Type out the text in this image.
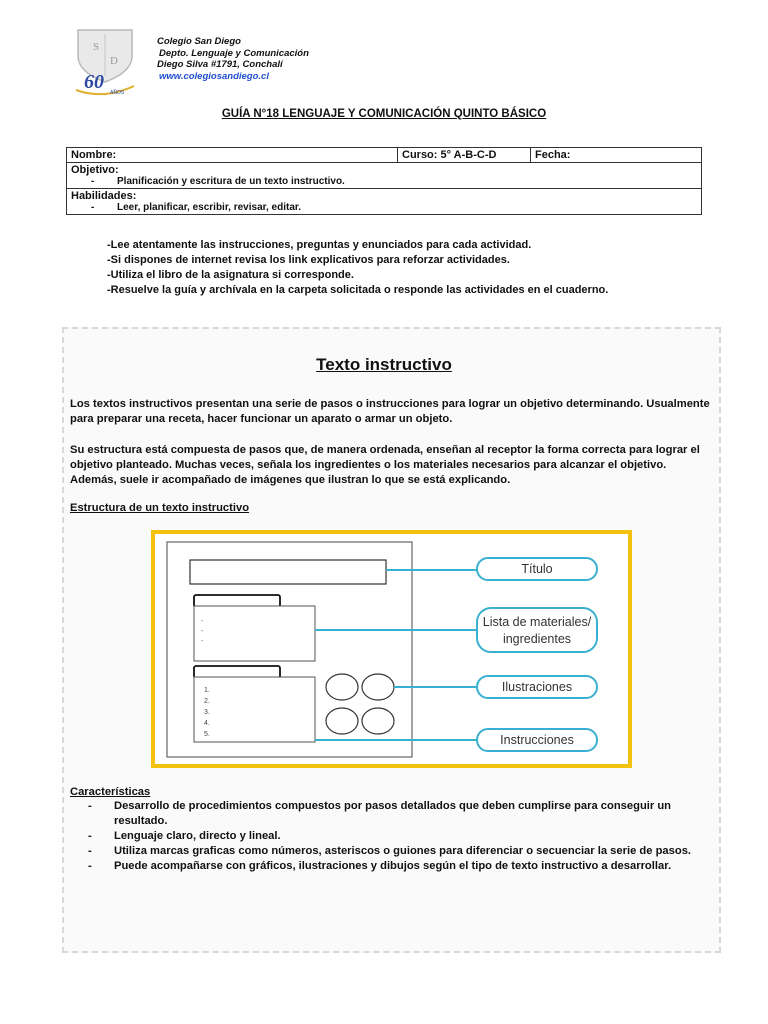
S
D
60 AÑOS
Colegio San Diego
Depto. Lenguaje y Comunicación
Diego Silva #1791, Conchalí
www.colegiosandiego.cl
GUÍA N°18 LENGUAJE Y COMUNICACIÓN QUINTO BÁSICO
Nombre:	Curso: 5° A-B-C-D	Fecha:

Objetivo:
- Planificación y escritura de un texto instructivo.

Habilidades:
- Leer, planificar, escribir, revisar, editar.
-Lee atentamente las instrucciones, preguntas y enunciados para cada actividad.
-Si dispones de internet revisa los link explicativos para reforzar actividades.
-Utiliza el libro de la asignatura si corresponde.
-Resuelve la guía y archívala en la carpeta solicitada o responde las actividades en el cuaderno.
Texto instructivo
Los textos instructivos presentan una serie de pasos o instrucciones para lograr un objetivo determinando. Usualmente para preparar una receta, hacer funcionar un aparato o armar un objeto.
Su estructura está compuesta de pasos que, de manera ordenada, enseñan al receptor la forma correcta para lograr el objetivo planteado. Muchas veces, señala los ingredientes o los materiales necesarios para alcanzar el objetivo. Además, suele ir acompañado de imágenes que ilustran lo que se está explicando.
Estructura de un texto instructivo
-
-
-
1.
2.
3.
4.
5.
Título
Lista de materiales/
ingredientes
Ilustraciones
Instrucciones
Características
- Desarrollo de procedimientos compuestos por pasos detallados que deben cumplirse para conseguir un resultado.
- Lenguaje claro, directo y lineal.
- Utiliza marcas graficas como números, asteriscos o guiones para diferenciar o secuenciar la serie de pasos.
- Puede acompañarse con gráficos, ilustraciones y dibujos según el tipo de texto instructivo a desarrollar.
